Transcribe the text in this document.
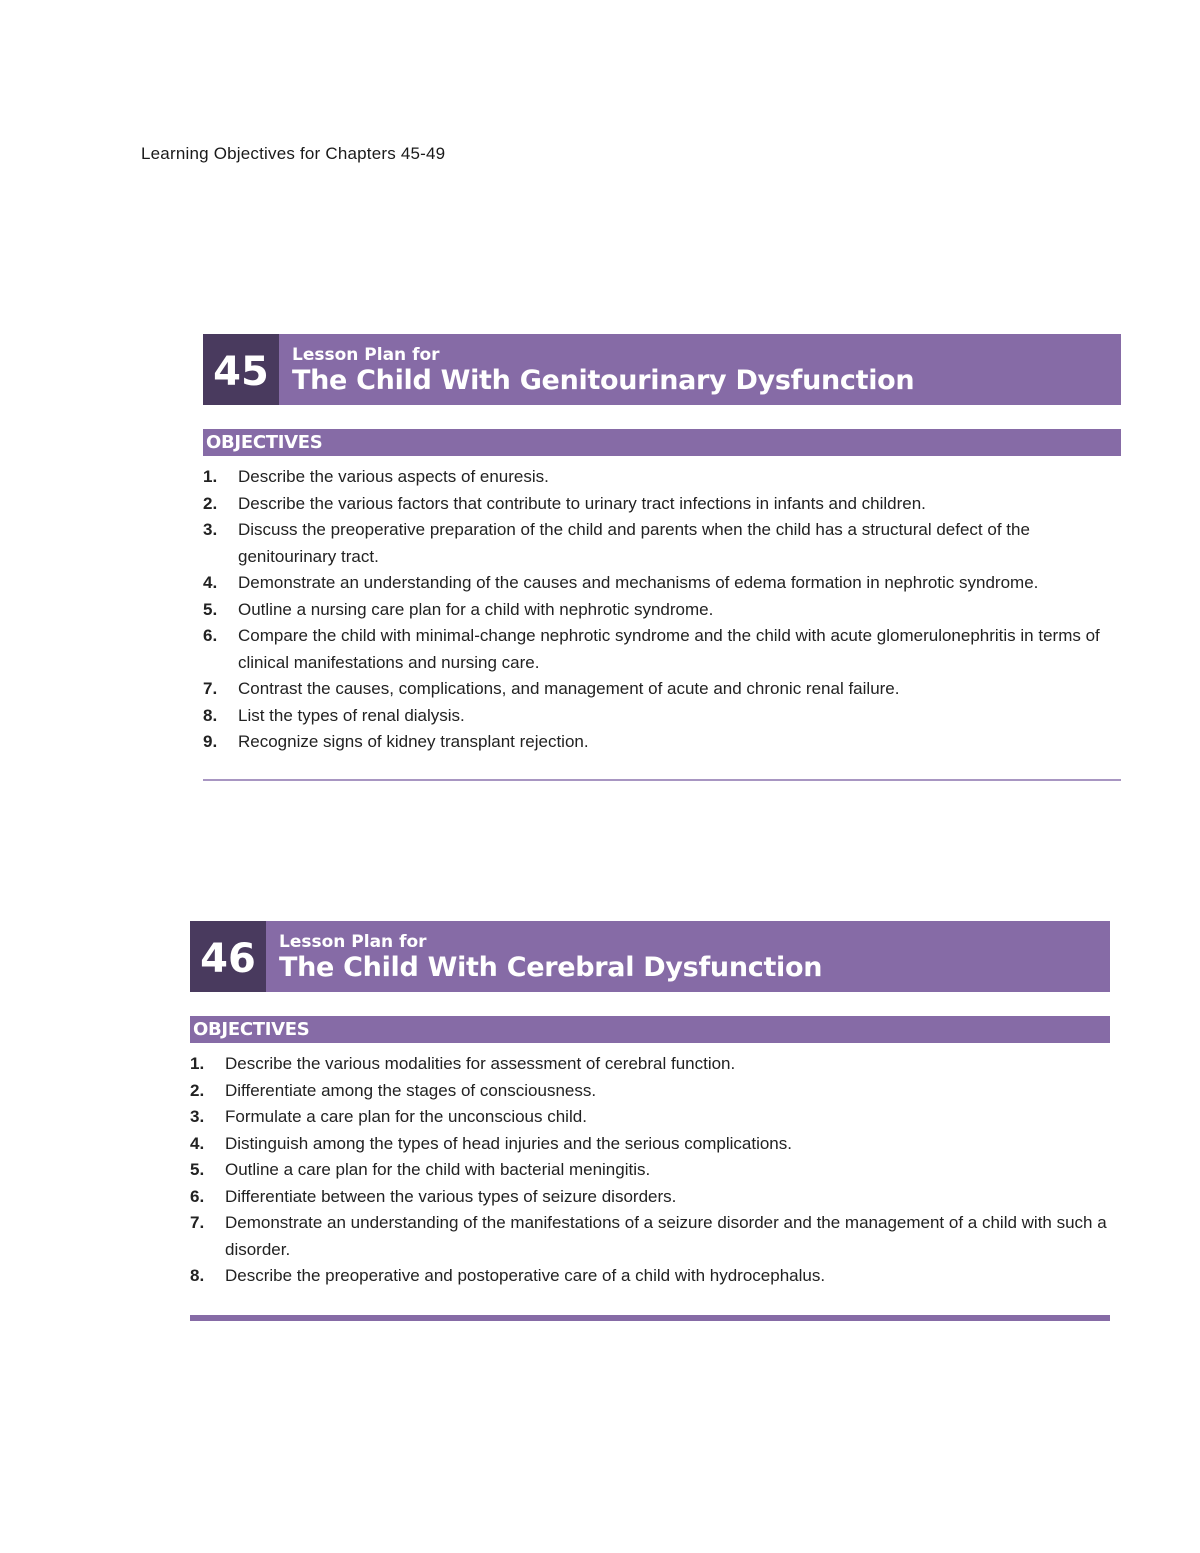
Learning Objectives for Chapters 45-49
45	Lesson Plan for
The Child With Genitourinary Dysfunction
OBJECTIVES
1.	Describe the various aspects of enuresis.
2.	Describe the various factors that contribute to urinary tract infections in infants and children.
3.	Discuss the preoperative preparation of the child and parents when the child has a structural defect of the genitourinary tract.
4.	Demonstrate an understanding of the causes and mechanisms of edema formation in nephrotic syndrome.
5.	Outline a nursing care plan for a child with nephrotic syndrome.
6.	Compare the child with minimal-change nephrotic syndrome and the child with acute glomerulonephritis in terms of clinical manifestations and nursing care.
7.	Contrast the causes, complications, and management of acute and chronic renal failure.
8.	List the types of renal dialysis.
9.	Recognize signs of kidney transplant rejection.
46	Lesson Plan for
The Child With Cerebral Dysfunction
OBJECTIVES
1.	Describe the various modalities for assessment of cerebral function.
2.	Differentiate among the stages of consciousness.
3.	Formulate a care plan for the unconscious child.
4.	Distinguish among the types of head injuries and the serious complications.
5.	Outline a care plan for the child with bacterial meningitis.
6.	Differentiate between the various types of seizure disorders.
7.	Demonstrate an understanding of the manifestations of a seizure disorder and the management of a child with such a disorder.
8.	Describe the preoperative and postoperative care of a child with hydrocephalus.
